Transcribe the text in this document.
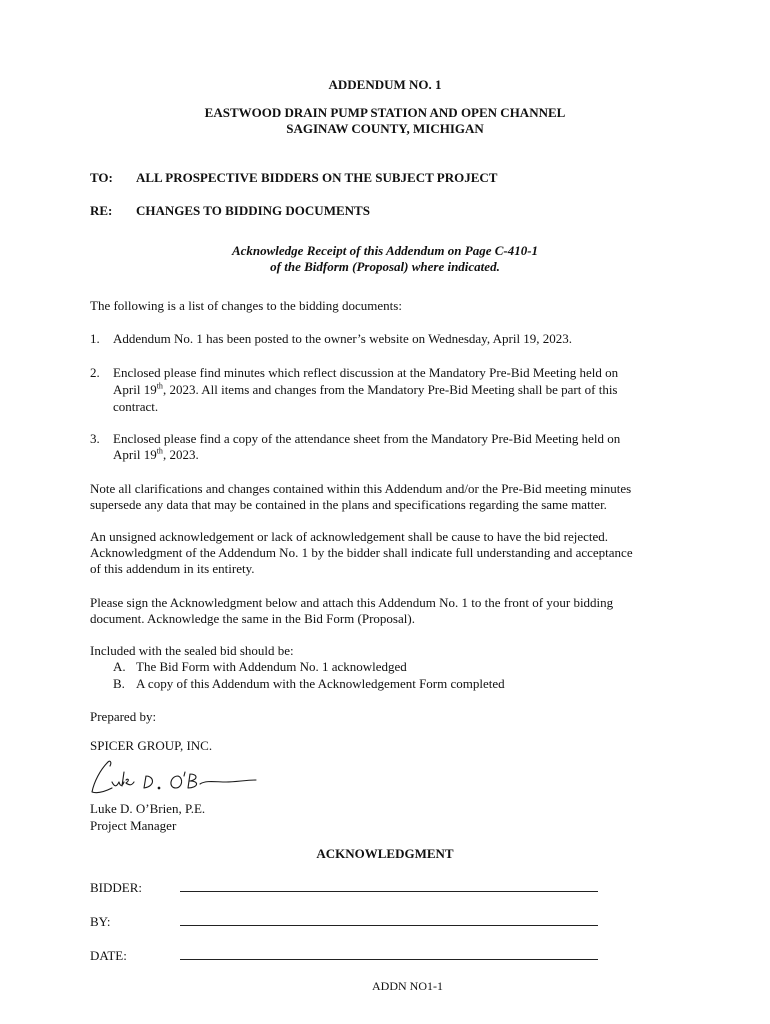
ADDENDUM NO. 1
EASTWOOD DRAIN PUMP STATION AND OPEN CHANNEL
SAGINAW COUNTY, MICHIGAN
TO: ALL PROSPECTIVE BIDDERS ON THE SUBJECT PROJECT
RE: CHANGES TO BIDDING DOCUMENTS
Acknowledge Receipt of this Addendum on Page C-410-1
of the Bidform (Proposal) where indicated.
The following is a list of changes to the bidding documents:
1. Addendum No. 1 has been posted to the owner’s website on Wednesday, April 19, 2023.
2. Enclosed please find minutes which reflect discussion at the Mandatory Pre-Bid Meeting held on
April 19th, 2023. All items and changes from the Mandatory Pre-Bid Meeting shall be part of this
contract.
3. Enclosed please find a copy of the attendance sheet from the Mandatory Pre-Bid Meeting held on
April 19th, 2023.
Note all clarifications and changes contained within this Addendum and/or the Pre-Bid meeting minutes
supersede any data that may be contained in the plans and specifications regarding the same matter.
An unsigned acknowledgement or lack of acknowledgement shall be cause to have the bid rejected.
Acknowledgment of the Addendum No. 1 by the bidder shall indicate full understanding and acceptance
of this addendum in its entirety.
Please sign the Acknowledgment below and attach this Addendum No. 1 to the front of your bidding
document. Acknowledge the same in the Bid Form (Proposal).
Included with the sealed bid should be:
A. The Bid Form with Addendum No. 1 acknowledged
B. A copy of this Addendum with the Acknowledgement Form completed
Prepared by:
SPICER GROUP, INC.
Luke D. O’Brien, P.E.
Project Manager
ACKNOWLEDGMENT
BIDDER:
BY:
DATE:
ADDN NO1-1
